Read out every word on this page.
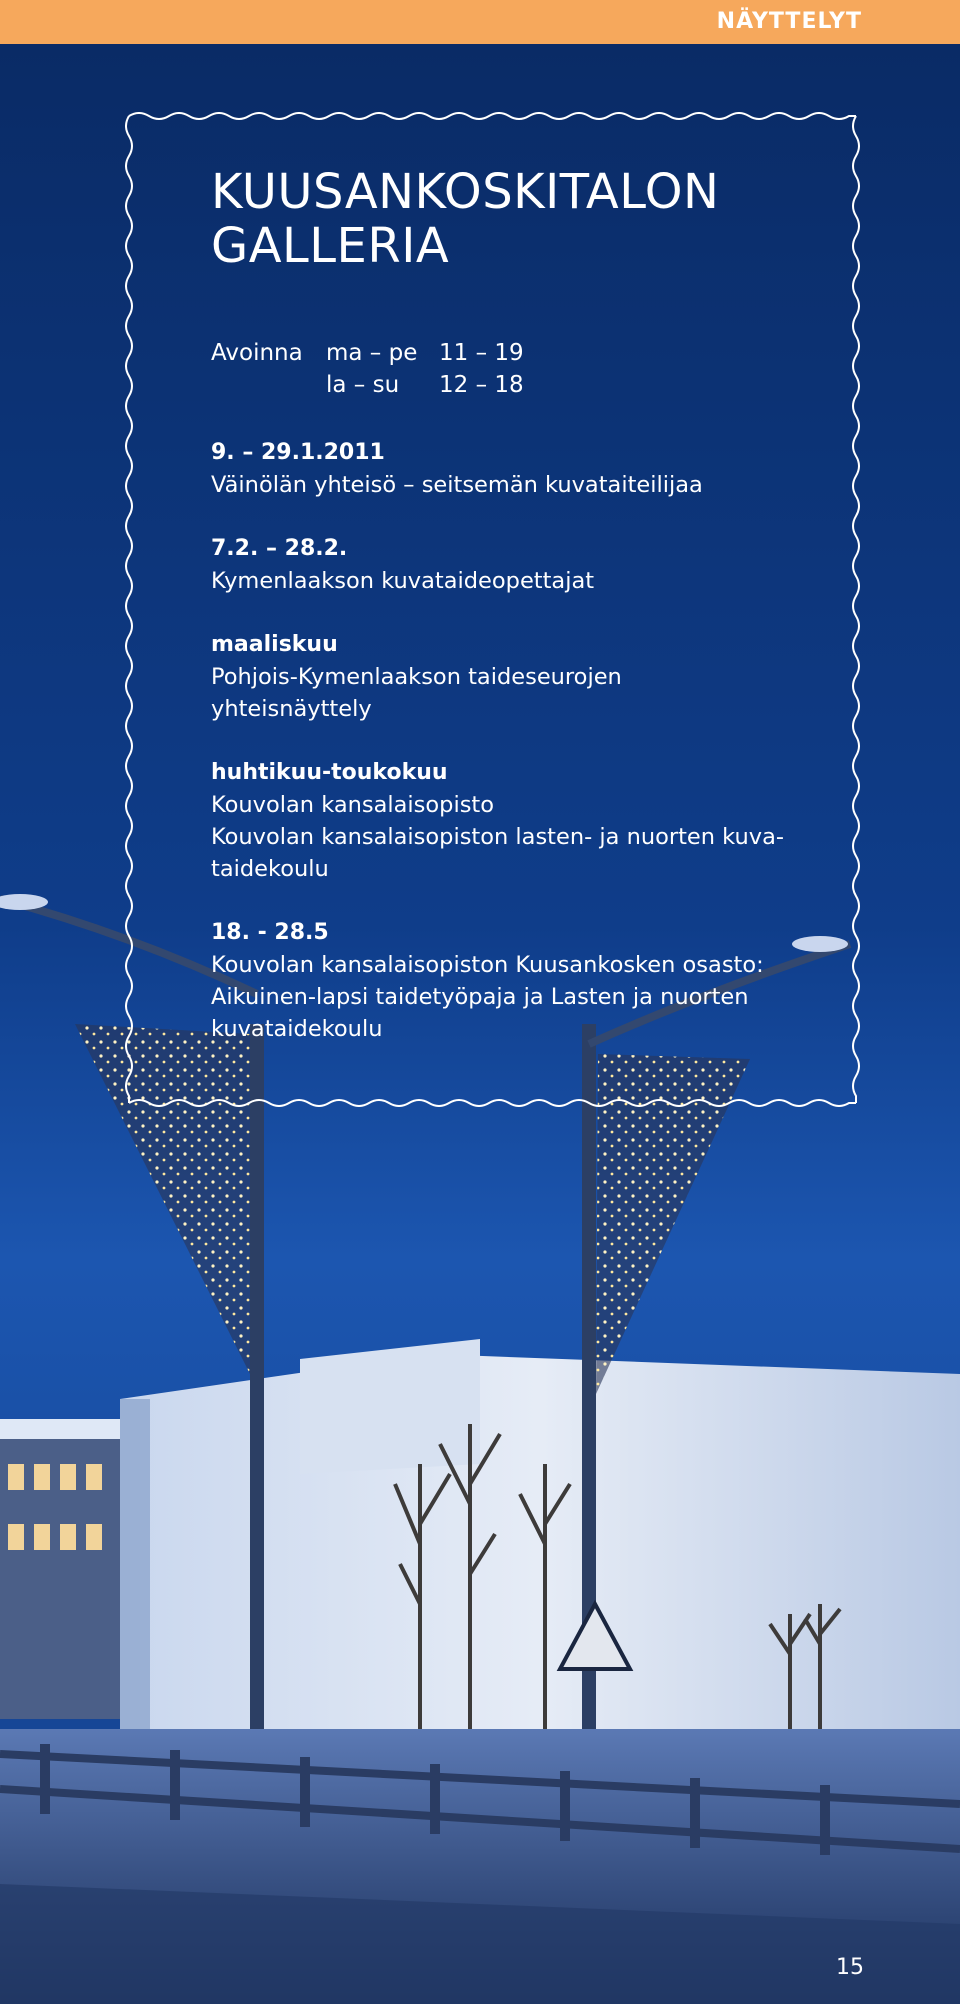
NÄYTTELYT
KUUSANKOSKITALON
GALLERIA
Avoinna	ma – pe 11 – 19
la – su	12 – 18
9. – 29.1.2011
Väinölän yhteisö – seitsemän kuvataiteilijaa
7.2. – 28.2.
Kymenlaakson kuvataideopettajat
maaliskuu
Pohjois-Kymenlaakson taideseurojen
yhteisnäyttely
huhtikuu-toukokuu
Kouvolan kansalaisopisto
Kouvolan kansalaisopiston lasten- ja nuorten kuva-
taidekoulu
18. - 28.5
Kouvolan kansalaisopiston Kuusankosken osasto:
Aikuinen-lapsi taidetyöpaja ja Lasten ja nuorten
kuvataidekoulu
15
